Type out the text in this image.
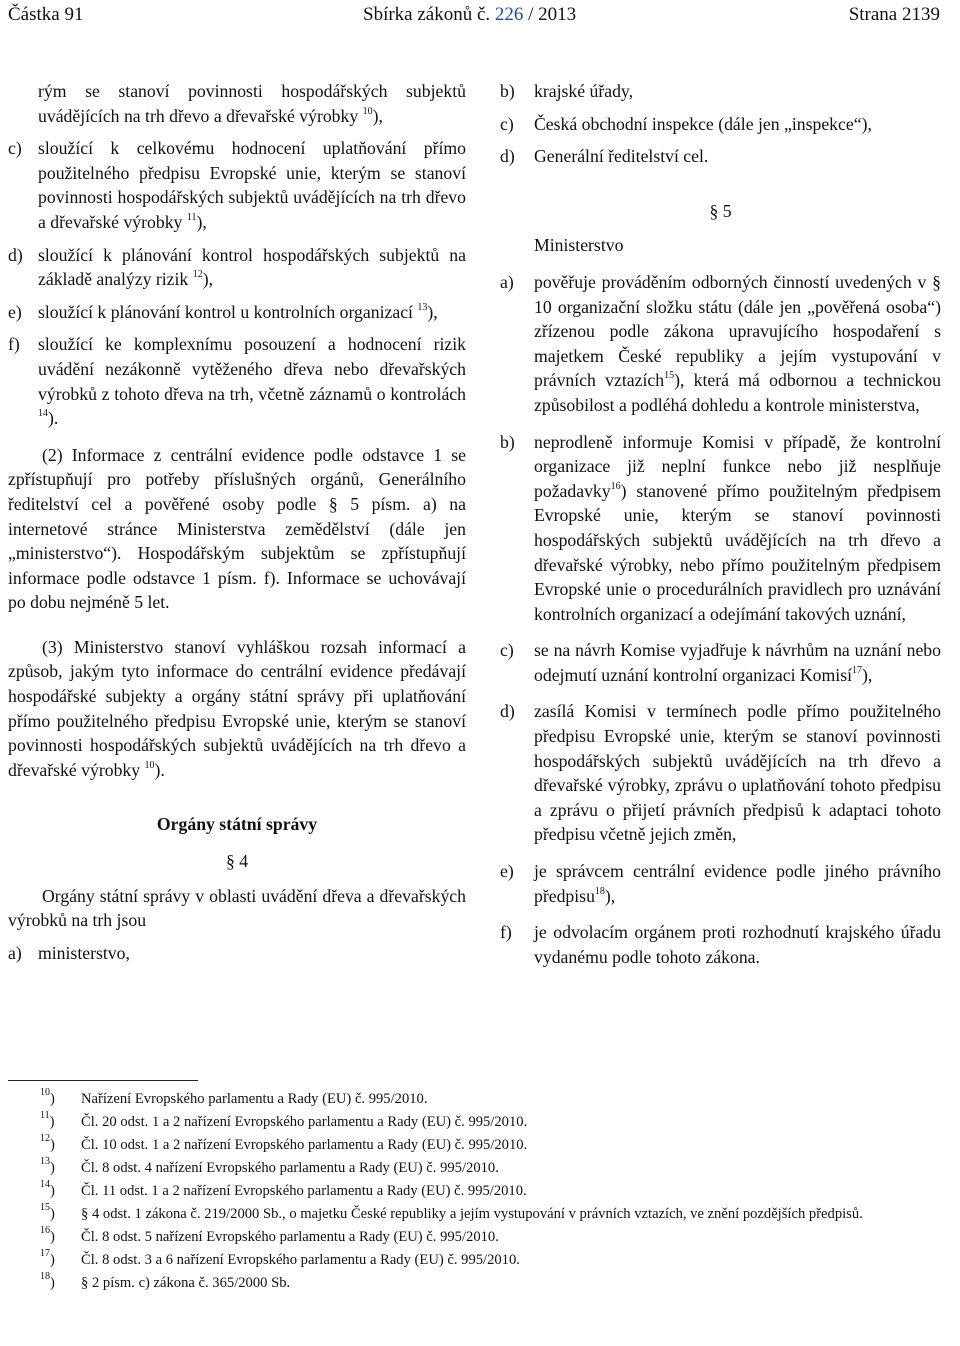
Částka 91	Sbírka zákonů č. 226 / 2013	Strana 2139
rým se stanoví povinnosti hospodářských subjektů uvádějících na trh dřevo a dřevařské výrobky $^{10}$),
c) sloužící k celkovému hodnocení uplatňování přímo použitelného předpisu Evropské unie, kterým se stanoví povinnosti hospodářských subjektů uvádějících na trh dřevo a dřevařské výrobky $^{11}$),
d) sloužící k plánování kontrol hospodářských subjektů na základě analýzy rizik $^{12}$),
e) sloužící k plánování kontrol u kontrolních organizací $^{13}$),
f) sloužící ke komplexnímu posouzení a hodnocení rizik uvádění nezákonně vytěženého dřeva nebo dřevařských výrobků z tohoto dřeva na trh, včetně záznamů o kontrolách $^{14}$).
(2) Informace z centrální evidence podle odstavce 1 se zpřístupňují pro potřeby příslušných orgánů, Generálního ředitelství cel a pověřené osoby podle § 5 písm. a) na internetové stránce Ministerstva zemědělství (dále jen „ministerstvo“). Hospodářským subjektům se zpřístupňují informace podle odstavce 1 písm. f). Informace se uchovávají po dobu nejméně 5 let.
(3) Ministerstvo stanoví vyhláškou rozsah informací a způsob, jakým tyto informace do centrální evidence předávají hospodářské subjekty a orgány státní správy při uplatňování přímo použitelného předpisu Evropské unie, kterým se stanoví povinnosti hospodářských subjektů uvádějících na trh dřevo a dřevařské výrobky $^{10}$).
Orgány státní správy
§ 4
Orgány státní správy v oblasti uvádění dřeva a dřevařských výrobků na trh jsou
a) ministerstvo,
b) krajské úřady,
c) Česká obchodní inspekce (dále jen „inspekce“),
d) Generální ředitelství cel.
§ 5
Ministerstvo
a) pověřuje prováděním odborných činností uvedených v § 10 organizační složku státu (dále jen „pověřená osoba“) zřízenou podle zákona upravujícího hospodaření s majetkem České republiky a jejím vystupování v právních vztazích$^{15}$), která má odbornou a technickou způsobilost a podléhá dohledu a kontrole ministerstva,
b) neprodleně informuje Komisi v případě, že kontrolní organizace již neplní funkce nebo již nesplňuje požadavky$^{16}$) stanovené přímo použitelným předpisem Evropské unie, kterým se stanoví povinnosti hospodářských subjektů uvádějících na trh dřevo a dřevařské výrobky, nebo přímo použitelným předpisem Evropské unie o procedurálních pravidlech pro uznávání kontrolních organizací a odejímání takových uznání,
c) se na návrh Komise vyjadřuje k návrhům na uznání nebo odejmutí uznání kontrolní organizaci Komisí$^{17}$),
d) zasílá Komisi v termínech podle přímo použitelného předpisu Evropské unie, kterým se stanoví povinnosti hospodářských subjektů uvádějících na trh dřevo a dřevařské výrobky, zprávu o uplatňování tohoto předpisu a zprávu o přijetí právních předpisů k adaptaci tohoto předpisu včetně jejich změn,
e) je správcem centrální evidence podle jiného právního předpisu$^{18}$),
f) je odvolacím orgánem proti rozhodnutí krajského úřadu vydanému podle tohoto zákona.
$^{10}$) Nařízení Evropského parlamentu a Rady (EU) č. 995/2010.
$^{11}$) Čl. 20 odst. 1 a 2 nařízení Evropského parlamentu a Rady (EU) č. 995/2010.
$^{12}$) Čl. 10 odst. 1 a 2 nařízení Evropského parlamentu a Rady (EU) č. 995/2010.
$^{13}$) Čl. 8 odst. 4 nařízení Evropského parlamentu a Rady (EU) č. 995/2010.
$^{14}$) Čl. 11 odst. 1 a 2 nařízení Evropského parlamentu a Rady (EU) č. 995/2010.
$^{15}$) § 4 odst. 1 zákona č. 219/2000 Sb., o majetku České republiky a jejím vystupování v právních vztazích, ve znění pozdějších předpisů.
$^{16}$) Čl. 8 odst. 5 nařízení Evropského parlamentu a Rady (EU) č. 995/2010.
$^{17}$) Čl. 8 odst. 3 a 6 nařízení Evropského parlamentu a Rady (EU) č. 995/2010.
$^{18}$) § 2 písm. c) zákona č. 365/2000 Sb.
